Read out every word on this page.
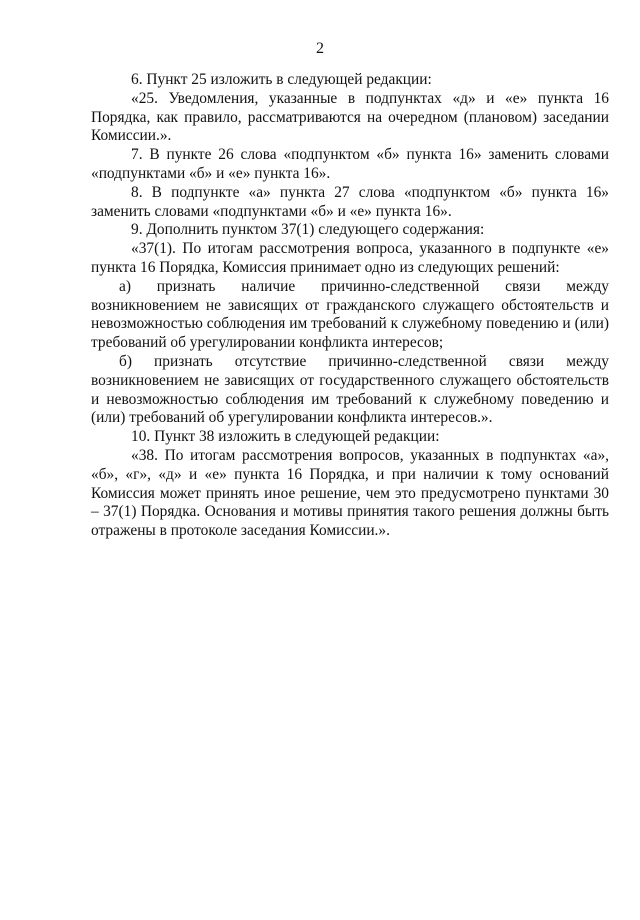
2

6. Пункт 25 изложить в следующей редакции:

«25. Уведомления, указанные в подпунктах «д» и «е» пункта 16 Порядка, как правило, рассматриваются на очередном (плановом) заседании Комиссии.».

7. В пункте 26 слова «подпунктом «б» пункта 16» заменить словами «подпунктами «б» и «е» пункта 16».

8. В подпункте «а» пункта 27 слова «подпунктом «б» пункта 16» заменить словами «подпунктами «б» и «е» пункта 16».

9. Дополнить пунктом 37(1) следующего содержания:

«37(1). По итогам рассмотрения вопроса, указанного в подпункте «е» пункта 16 Порядка, Комиссия принимает одно из следующих решений:

а) признать наличие причинно-следственной связи между возникновением не зависящих от гражданского служащего обстоятельств и невозможностью соблюдения им требований к служебному поведению и (или) требований об урегулировании конфликта интересов;

б) признать отсутствие причинно-следственной связи между возникновением не зависящих от государственного служащего обстоятельств и невозможностью соблюдения им требований к служебному поведению и (или) требований об урегулировании конфликта интересов.».

10. Пункт 38 изложить в следующей редакции:

«38. По итогам рассмотрения вопросов, указанных в подпунктах «а», «б», «г», «д» и «е» пункта 16 Порядка, и при наличии к тому оснований Комиссия может принять иное решение, чем это предусмотрено пунктами 30 – 37(1) Порядка. Основания и мотивы принятия такого решения должны быть отражены в протоколе заседания Комиссии.».
